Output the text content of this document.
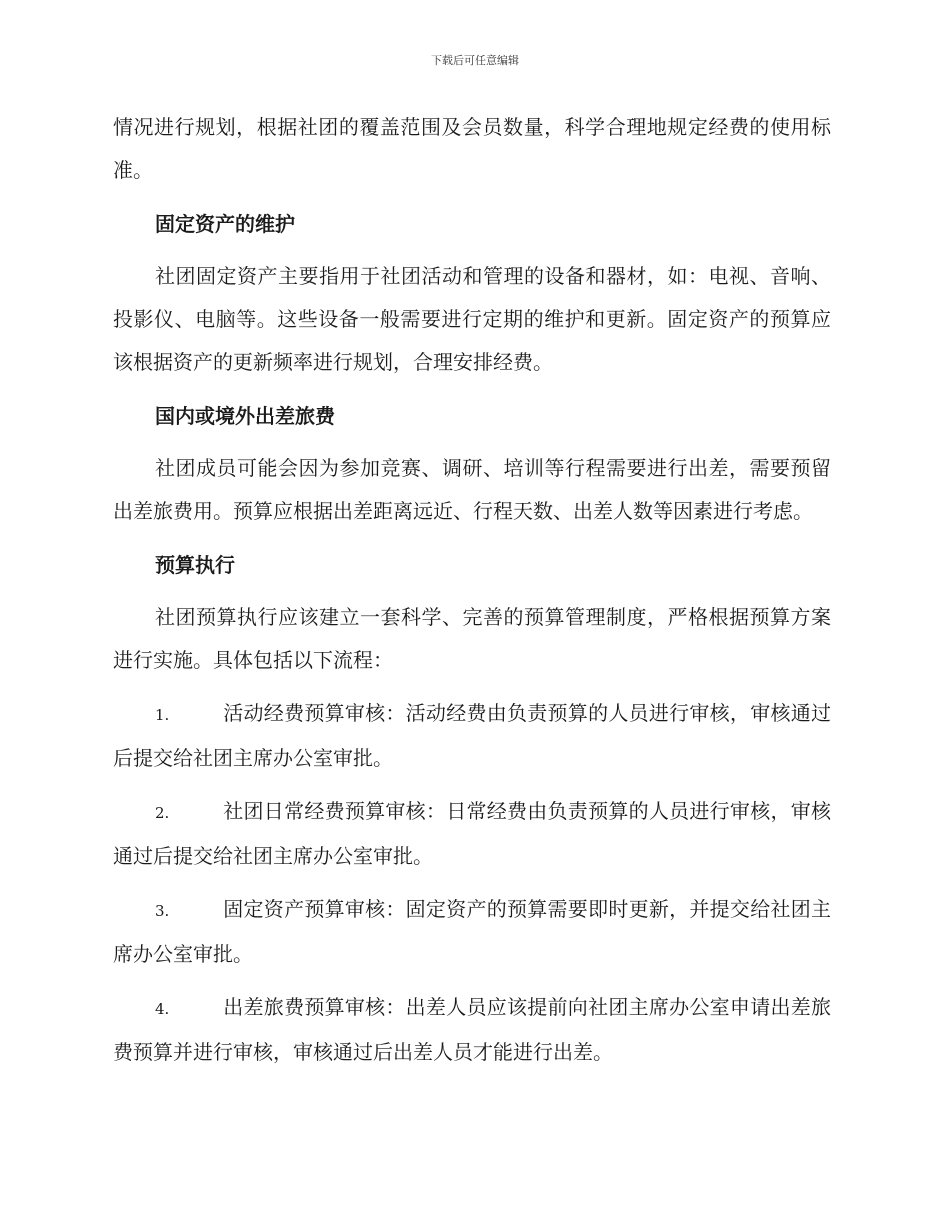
下载后可任意编辑

情况进行规划，根据社团的覆盖范围及会员数量，科学合理地规定经费的使用标准。

固定资产的维护

社团固定资产主要指用于社团活动和管理的设备和器材，如：电视、音响、投影仪、电脑等。这些设备一般需要进行定期的维护和更新。固定资产的预算应该根据资产的更新频率进行规划，合理安排经费。

国内或境外出差旅费

社团成员可能会因为参加竞赛、调研、培训等行程需要进行出差，需要预留出差旅费用。预算应根据出差距离远近、行程天数、出差人数等因素进行考虑。

预算执行

社团预算执行应该建立一套科学、完善的预算管理制度，严格根据预算方案进行实施。具体包括以下流程：

1.	活动经费预算审核：活动经费由负责预算的人员进行审核，审核通过后提交给社团主席办公室审批。

2.	社团日常经费预算审核：日常经费由负责预算的人员进行审核，审核通过后提交给社团主席办公室审批。

3.	固定资产预算审核：固定资产的预算需要即时更新，并提交给社团主席办公室审批。

4.	出差旅费预算审核：出差人员应该提前向社团主席办公室申请出差旅费预算并进行审核，审核通过后出差人员才能进行出差。
